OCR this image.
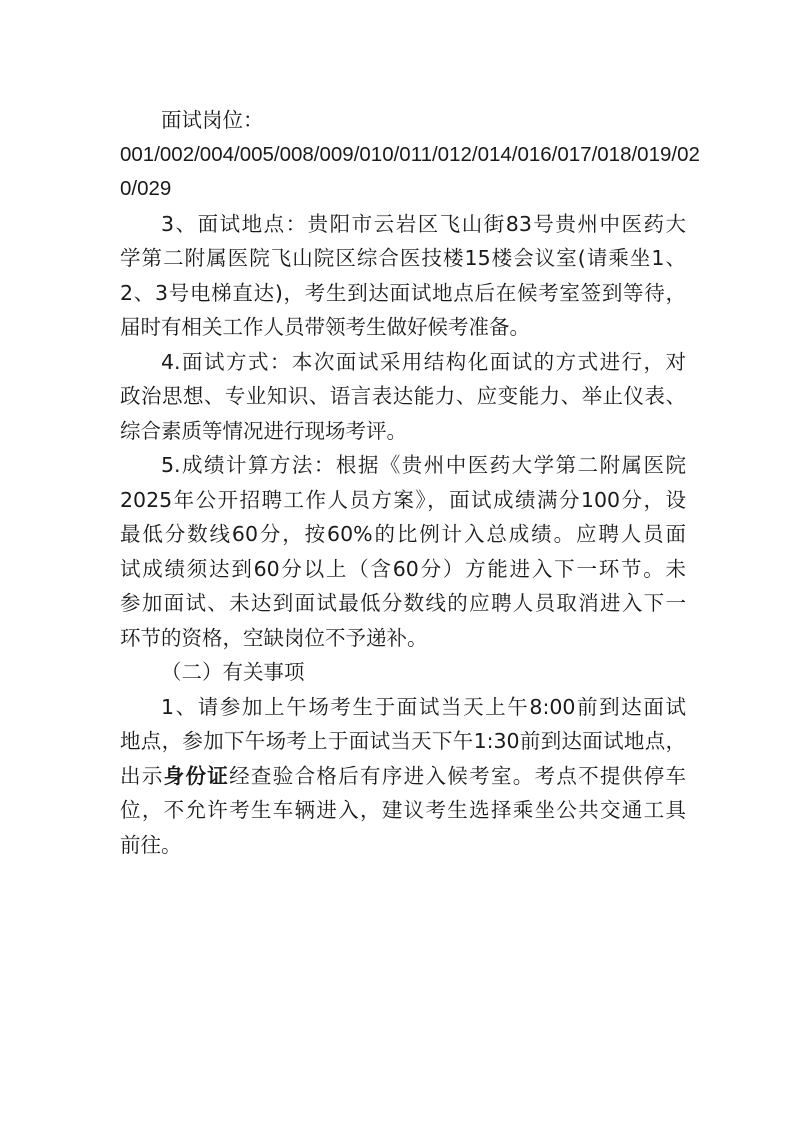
面试岗位：
001/002/004/005/008/009/010/011/012/014/016/017/018/019/02
0/029
3、面试地点：贵阳市云岩区飞山街83号贵州中医药大
学第二附属医院飞山院区综合医技楼15楼会议室(请乘坐1、
2、3号电梯直达)，考生到达面试地点后在候考室签到等待，
届时有相关工作人员带领考生做好候考准备。
4.面试方式：本次面试采用结构化面试的方式进行，对
政治思想、专业知识、语言表达能力、应变能力、举止仪表、
综合素质等情况进行现场考评。
5.成绩计算方法：根据《贵州中医药大学第二附属医院
2025年公开招聘工作人员方案》，面试成绩满分100分，设
最低分数线60分，按60%的比例计入总成绩。应聘人员面
试成绩须达到60分以上（含60分）方能进入下一环节。未
参加面试、未达到面试最低分数线的应聘人员取消进入下一
环节的资格，空缺岗位不予递补。
（二）有关事项
1、请参加上午场考生于面试当天上午8:00前到达面试
地点，参加下午场考上于面试当天下午1:30前到达面试地点，
出示身份证经查验合格后有序进入候考室。考点不提供停车
位，不允许考生车辆进入，建议考生选择乘坐公共交通工具
前往。
